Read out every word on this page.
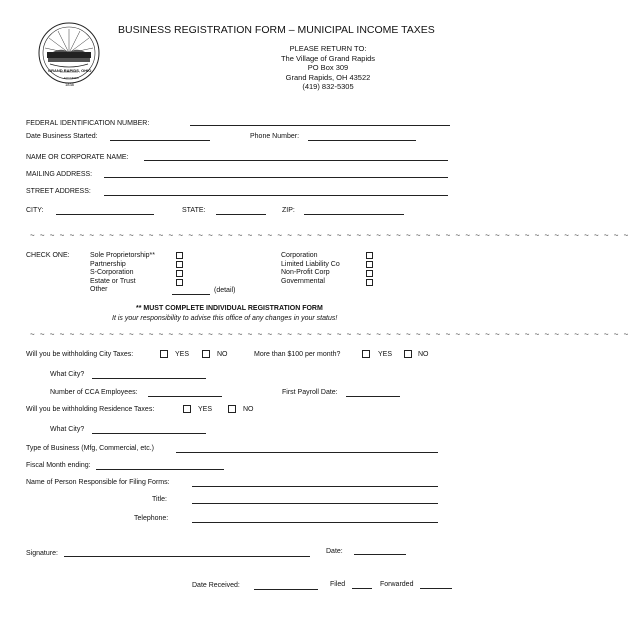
GRAND RAPIDS, OHIO
FOUNDED
1838
BUSINESS REGISTRATION FORM – MUNICIPAL INCOME TAXES
PLEASE RETURN TO:
The Village of Grand Rapids
PO Box 309
Grand Rapids, OH 43522
(419) 832-5305
FEDERAL IDENTIFICATION NUMBER:
Date Business Started:	Phone Number:
NAME OR CORPORATE NAME:
MAILING ADDRESS:
STREET ADDRESS:
CITY:	STATE:	ZIP:
~ ~ ~ ~ ~ ~ ~ ~ ~ ~ ~ ~ ~ ~ ~ ~ ~ ~ ~ ~ ~ ~ ~ ~ ~ ~ ~ ~ ~ ~ ~ ~ ~ ~ ~ ~ ~ ~ ~ ~ ~ ~ ~ ~ ~ ~ ~ ~ ~ ~ ~ ~ ~ ~ ~ ~ ~ ~ ~ ~ ~
CHECK ONE:	Sole Proprietorship**
Partnership
S-Corporation
Estate or Trust
Other	(detail)
Corporation
Limited Liability Co
Non-Profit Corp
Governmental
** MUST COMPLETE INDIVIDUAL REGISTRATION FORM
It is your responsibility to advise this office of any changes in your status!
~ ~ ~ ~ ~ ~ ~ ~ ~ ~ ~ ~ ~ ~ ~ ~ ~ ~ ~ ~ ~ ~ ~ ~ ~ ~ ~ ~ ~ ~ ~ ~ ~ ~ ~ ~ ~ ~ ~ ~ ~ ~ ~ ~ ~ ~ ~ ~ ~ ~ ~ ~ ~ ~ ~ ~ ~ ~ ~ ~ ~
Will you be withholding City Taxes:	YES	NO	More than $100 per month?	YES	NO
What City?
Number of CCA Employees:	First Payroll Date:
Will you be withholding Residence Taxes:	YES	NO
What City?
Type of Business (Mfg, Commercial, etc.)
Fiscal Month ending:
Name of Person Responsible for Filing Forms:
Title:
Telephone:
Signature:	Date:
Date Received:	Filed	Forwarded
